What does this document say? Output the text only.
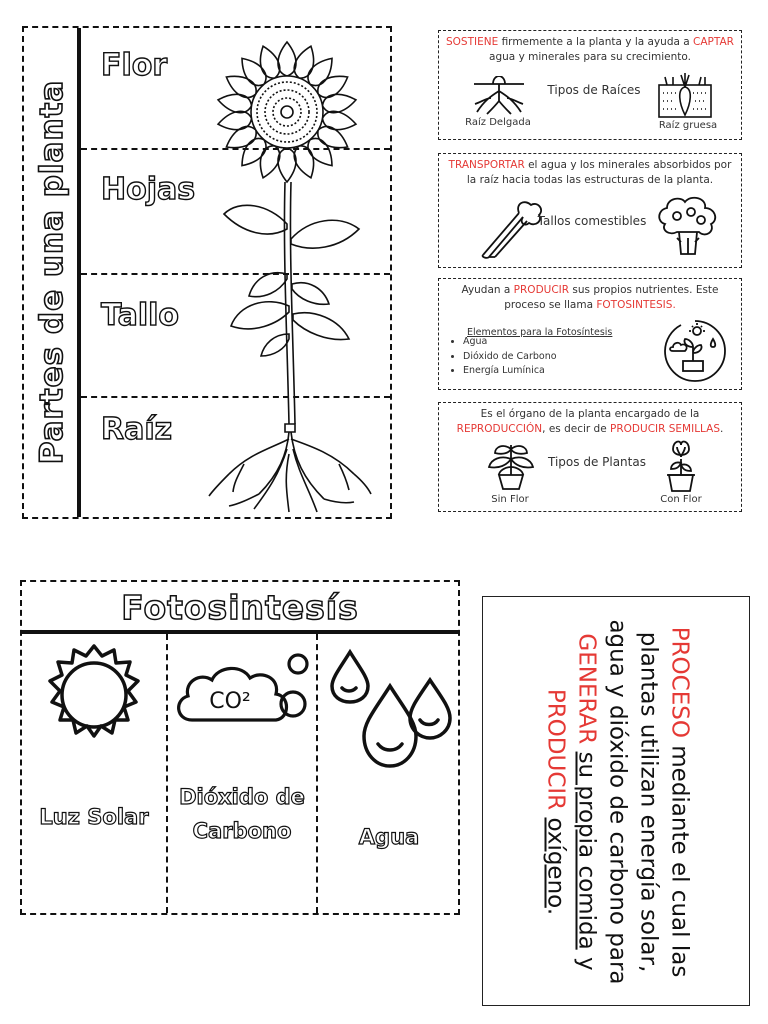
Partes de una planta
Flor
Hojas
Tallo
Raíz
SOSTIENE firmemente a la planta y la ayuda a CAPTAR agua y minerales para su crecimiento.
Raíz Delgada
Tipos de Raíces
Raíz gruesa
TRANSPORTAR el agua y los minerales absorbidos por la raíz hacia todas las estructuras de la planta.
Tallos comestibles
Ayudan a PRODUCIR sus propios nutrientes. Este proceso se llama FOTOSINTESIS.
Elementos para la Fotosíntesis
• Agua
• Dióxido de Carbono
• Energía Lumínica
Es el órgano de la planta encargado de la REPRODUCCIÓN, es decir de PRODUCIR SEMILLAS.
Sin Flor
Tipos de Plantas
Con Flor
Fotosintesís
Luz Solar
CO²
Dióxido de Carbono	Agua
PROCESO mediante el cual las plantas utilizan energía solar, agua y dióxido de carbono para GENERAR su propia comida y PRODUCIR oxígeno.
